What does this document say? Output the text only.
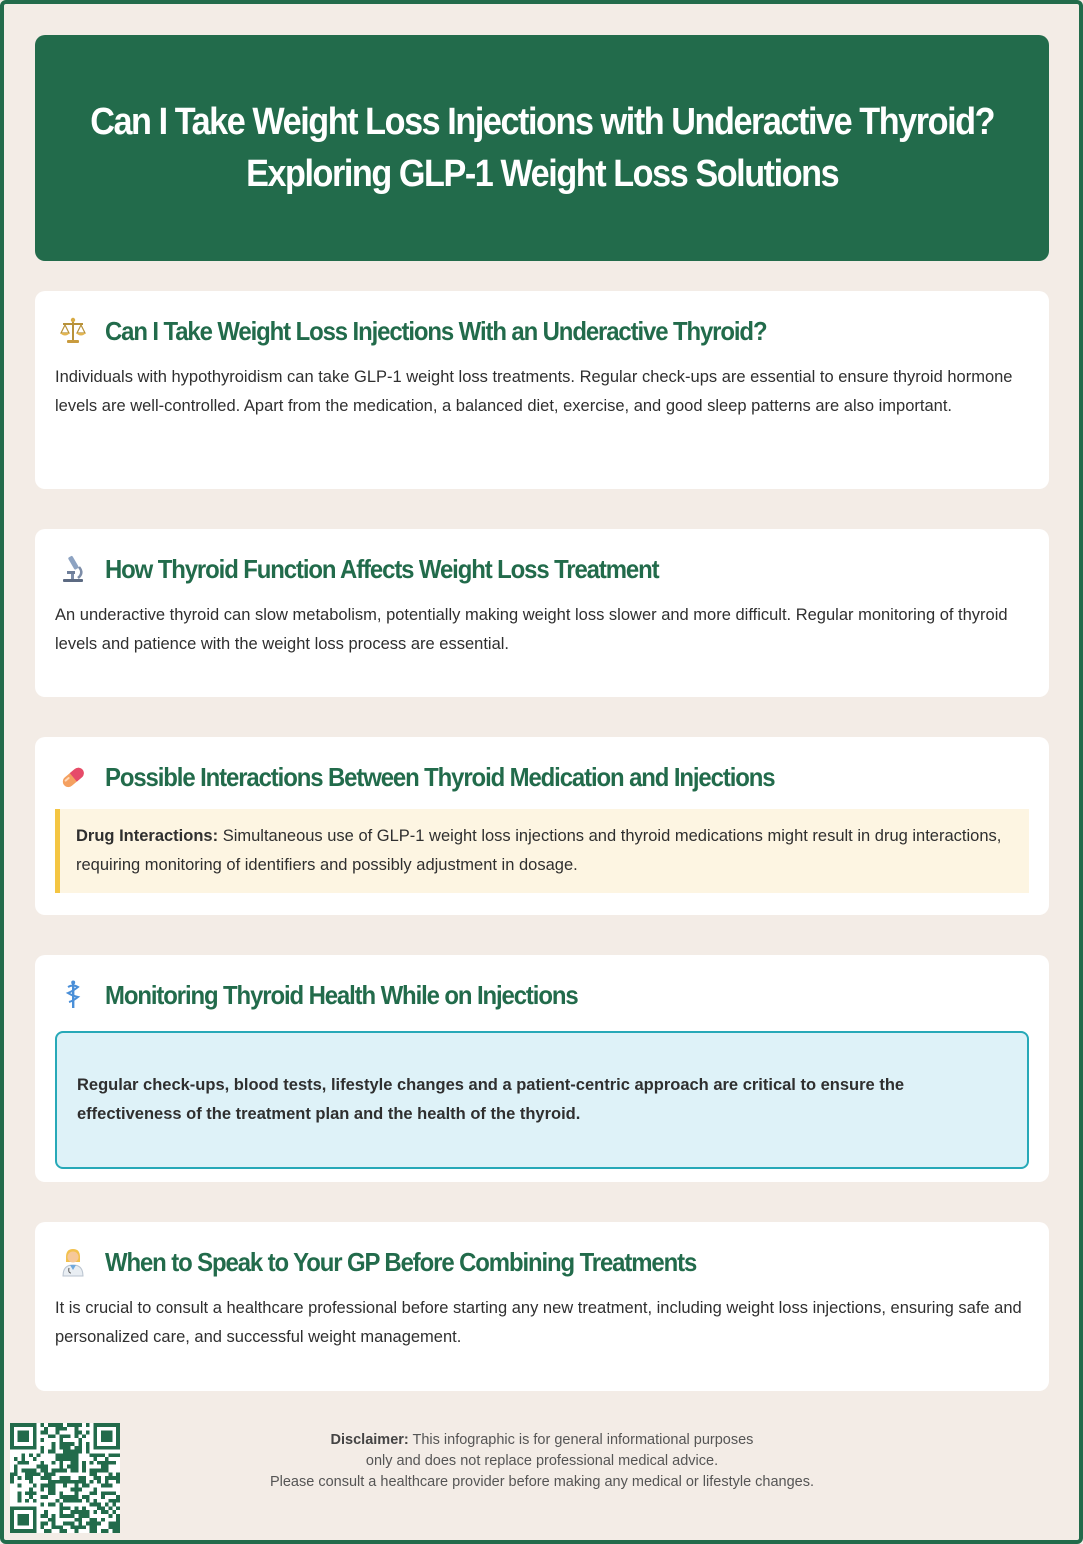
Can I Take Weight Loss Injections with Underactive Thyroid?
Exploring GLP-1 Weight Loss Solutions
Can I Take Weight Loss Injections With an Underactive Thyroid?

Individuals with hypothyroidism can take GLP-1 weight loss treatments. Regular check-ups are essential to ensure thyroid hormone levels are well-controlled. Apart from the medication, a balanced diet, exercise, and good sleep patterns are also important.

How Thyroid Function Affects Weight Loss Treatment

An underactive thyroid can slow metabolism, potentially making weight loss slower and more difficult. Regular monitoring of thyroid levels and patience with the weight loss process are essential.

Possible Interactions Between Thyroid Medication and Injections
Drug Interactions: Simultaneous use of GLP-1 weight loss injections and thyroid medications might result in drug interactions, requiring monitoring of identifiers and possibly adjustment in dosage.
Monitoring Thyroid Health While on Injections
Regular check-ups, blood tests, lifestyle changes and a patient-centric approach are critical to ensure the effectiveness of the treatment plan and the health of the thyroid.
When to Speak to Your GP Before Combining Treatments

It is crucial to consult a healthcare professional before starting any new treatment, including weight loss injections, ensuring safe and personalized care, and successful weight management.

Disclaimer: This infographic is for general informational purposes
only and does not replace professional medical advice.
Please consult a healthcare provider before making any medical or lifestyle changes.
